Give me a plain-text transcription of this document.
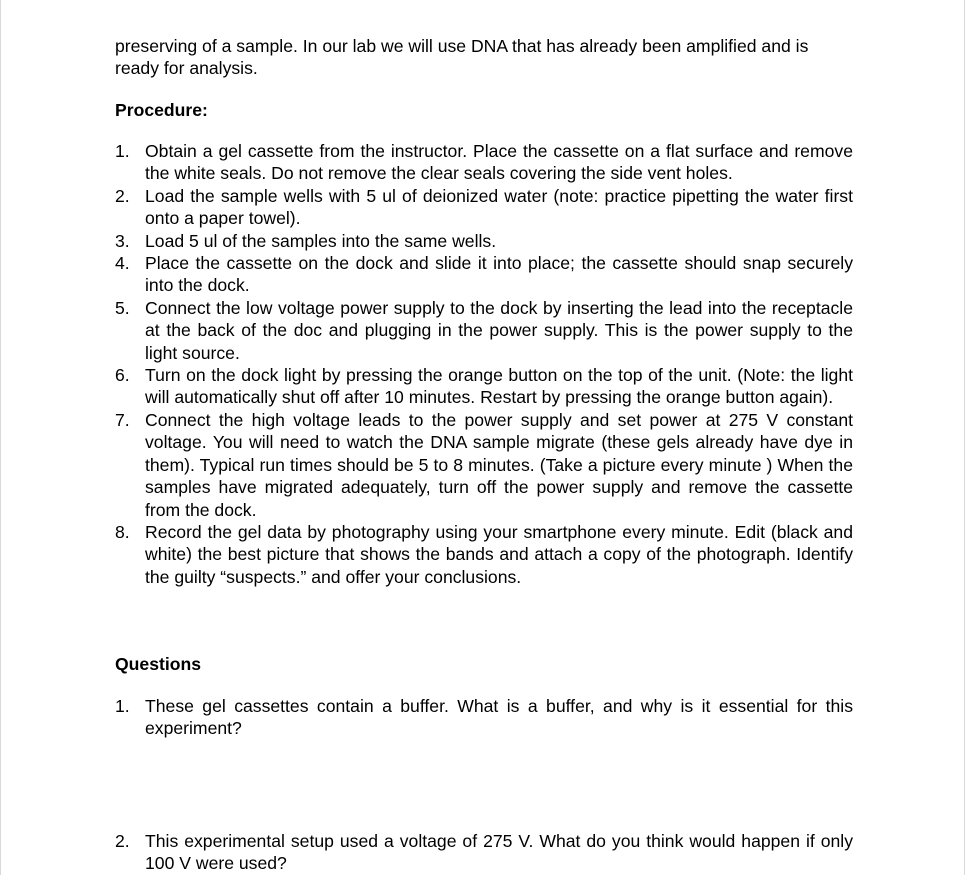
preserving of a sample. In our lab we will use DNA that has already been amplified and is ready for analysis.

Procedure:
1. Obtain a gel cassette from the instructor. Place the cassette on a flat surface and remove the white seals. Do not remove the clear seals covering the side vent holes.
2. Load the sample wells with 5 ul of deionized water (note: practice pipetting the water first onto a paper towel).
3. Load 5 ul of the samples into the same wells.
4. Place the cassette on the dock and slide it into place; the cassette should snap securely into the dock.
5. Connect the low voltage power supply to the dock by inserting the lead into the receptacle at the back of the doc and plugging in the power supply. This is the power supply to the light source.
6. Turn on the dock light by pressing the orange button on the top of the unit. (Note: the light will automatically shut off after 10 minutes. Restart by pressing the orange button again).
7. Connect the high voltage leads to the power supply and set power at 275 V constant voltage. You will need to watch the DNA sample migrate (these gels already have dye in them). Typical run times should be 5 to 8 minutes. (Take a picture every minute ) When the samples have migrated adequately, turn off the power supply and remove the cassette from the dock.
8. Record the gel data by photography using your smartphone every minute. Edit (black and white) the best picture that shows the bands and attach a copy of the photograph. Identify the guilty “suspects.” and offer your conclusions.
Questions
1. These gel cassettes contain a buffer. What is a buffer, and why is it essential for this experiment?
2. This experimental setup used a voltage of 275 V. What do you think would happen if only 100 V were used?
